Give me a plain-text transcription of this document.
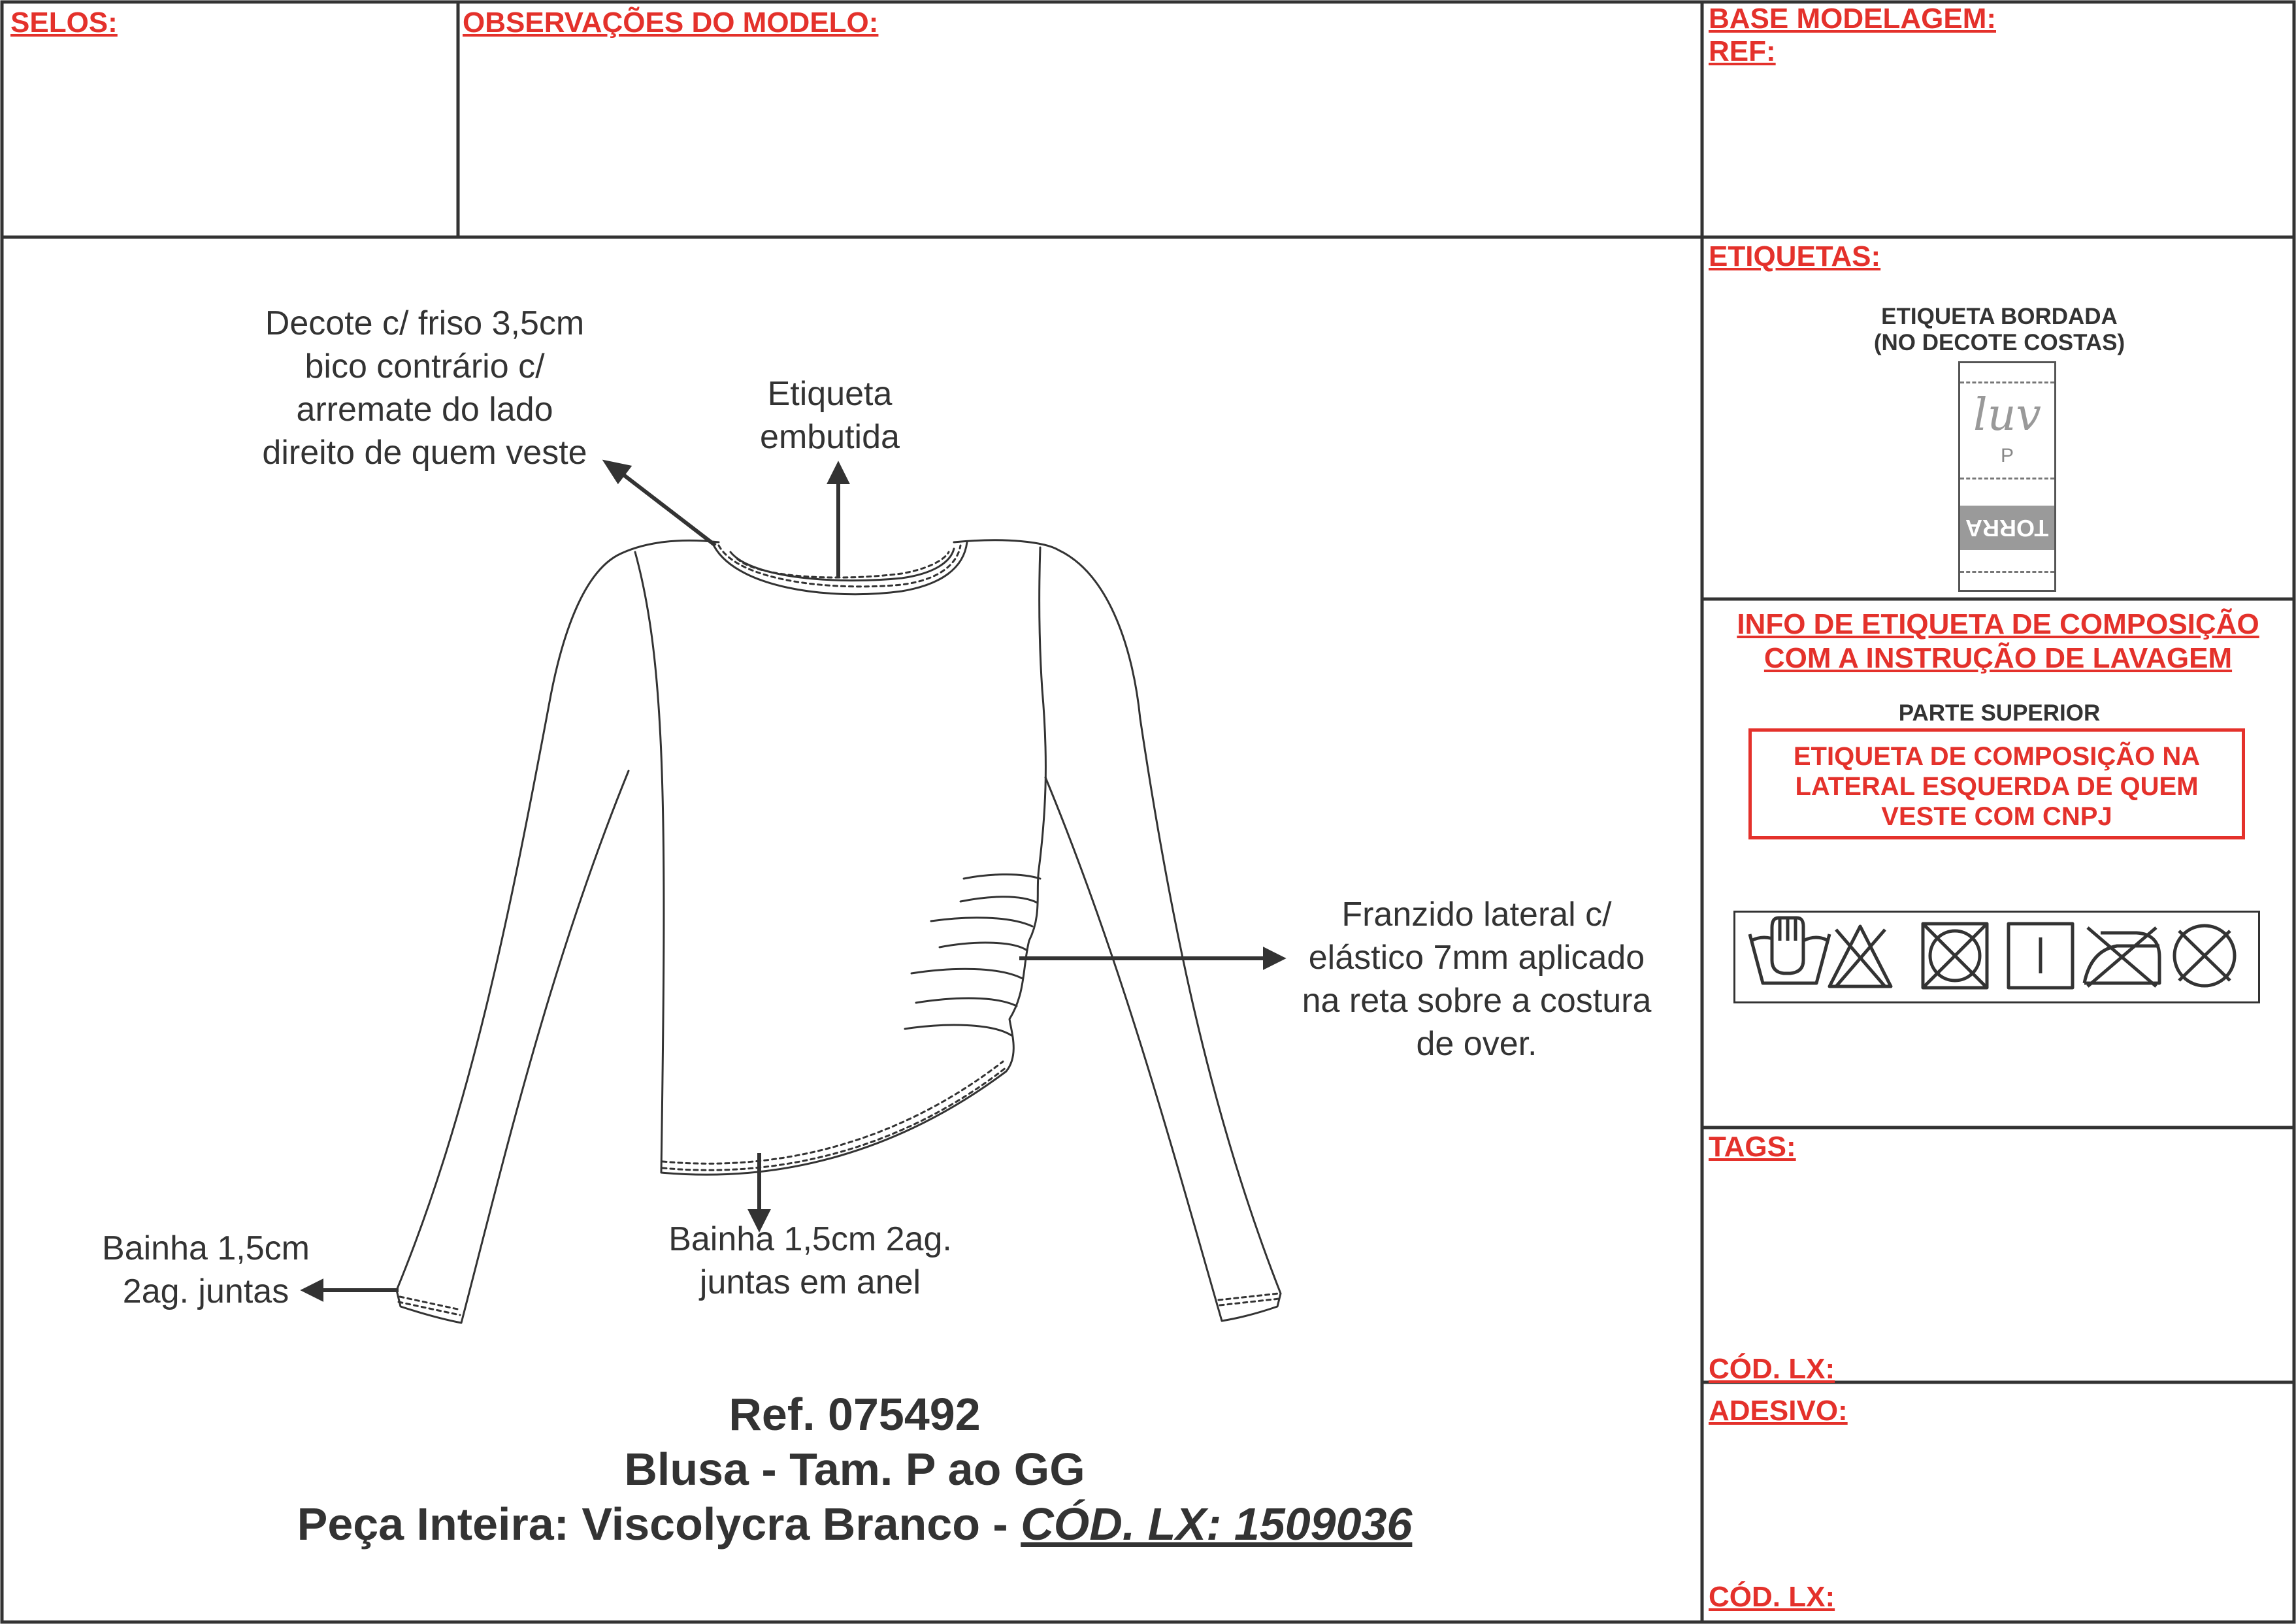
SELOS:	OBSERVAÇÕES DO MODELO:	BASE MODELAGEM:
REF:
Decote c/ friso 3,5cm
bico contrário c/
arremate do lado
direito de quem veste
Etiqueta
embutida
Franzido lateral c/
elástico 7mm aplicado
na reta sobre a costura
de over.
Bainha 1,5cm
2ag. juntas
Bainha 1,5cm 2ag.
juntas em anel
Ref. 075492
Blusa - Tam. P ao GG
Peça Inteira: Viscolycra Branco - CÓD. LX: 1509036
ETIQUETAS:
ETIQUETA BORDADA
(NO DECOTE COSTAS)
luv
P
TORRA
INFO DE ETIQUETA DE COMPOSIÇÃO
COM A INSTRUÇÃO DE LAVAGEM
PARTE SUPERIOR
ETIQUETA DE COMPOSIÇÃO NA
LATERAL ESQUERDA DE QUEM
VESTE COM CNPJ
TAGS:
CÓD. LX:
ADESIVO:
CÓD. LX:
